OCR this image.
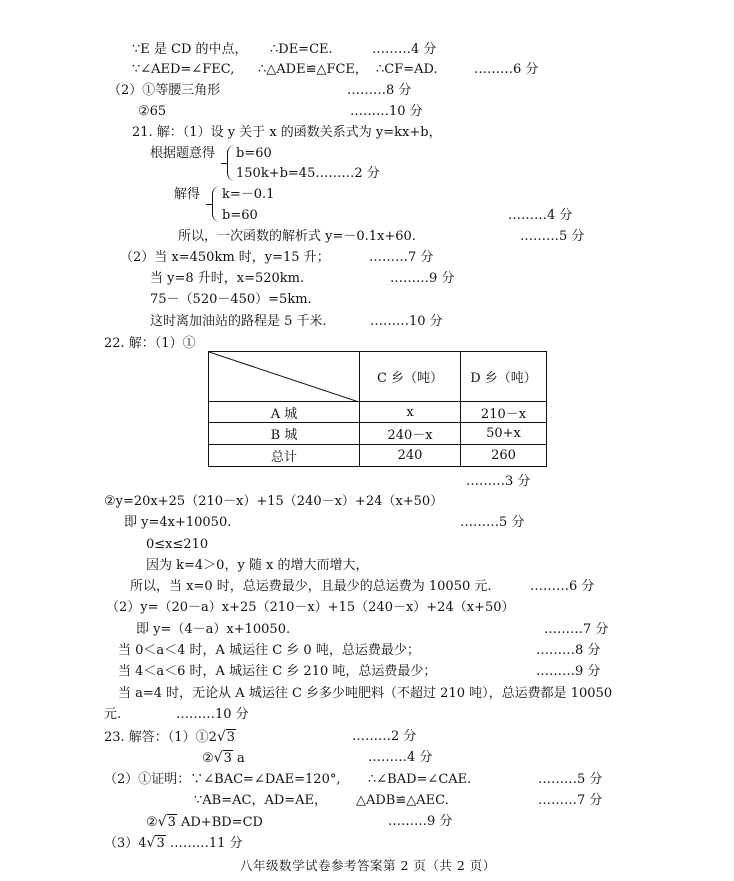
∵E 是 CD 的中点， ∴DE=CE.	………4 分
∵∠AED=∠FEC, ∴△ADE≌△FCE， ∴CF=AD.	………6 分
（2）①等腰三角形	………8 分
②65	………10 分
21. 解：（1）设 y 关于 x 的函数关系式为 y=kx+b，
根据题意得 b=60
150k+b=45………2 分
解得 k=－0.1
b=60	………4 分
所以，一次函数的解析式 y=－0.1x+60.	………5 分
（2）当 x=450km 时，y=15 升；	………7 分
当 y=8 升时，x=520km.	………9 分
75－（520－450）=5km.
这时离加油站的路程是 5 千米.	………10 分
22. 解：（1）①
	C 乡（吨）	D 乡（吨）
A 城	x	210－x
B 城	240－x	50+x
总计	240	260
………3 分
②y=20x+25（210－x）+15（240－x）+24（x+50）
即 y=4x+10050.	………5 分
0≤x≤210
因为 k=4＞0，y 随 x 的增大而增大，
所以，当 x=0 时，总运费最少，且最少的总运费为 10050 元.	………6 分
（2）y=（20－a）x+25（210－x）+15（240－x）+24（x+50）
即 y=（4－a）x+10050.	………7 分
当 0＜a＜4 时，A 城运往 C 乡 0 吨，总运费最少；	………8 分
当 4＜a＜6 时，A 城运往 C 乡 210 吨，总运费最少；	………9 分
当 a=4 时，无论从 A 城运往 C 乡多少吨肥料（不超过 210 吨），总运费都是 10050
元.	………10 分
23. 解答：（1）①2√3	………2 分
②√3 a	………4 分
（2）①证明：∵∠BAC=∠DAE=120°, ∴∠BAD=∠CAE.	………5 分
∵AB=AC，AD=AE， △ADB≌△AEC.	………7 分
②√3 AD+BD=CD	………9 分
（3）4√3 ………11 分
八年级数学试卷参考答案第 2 页（共 2 页）
